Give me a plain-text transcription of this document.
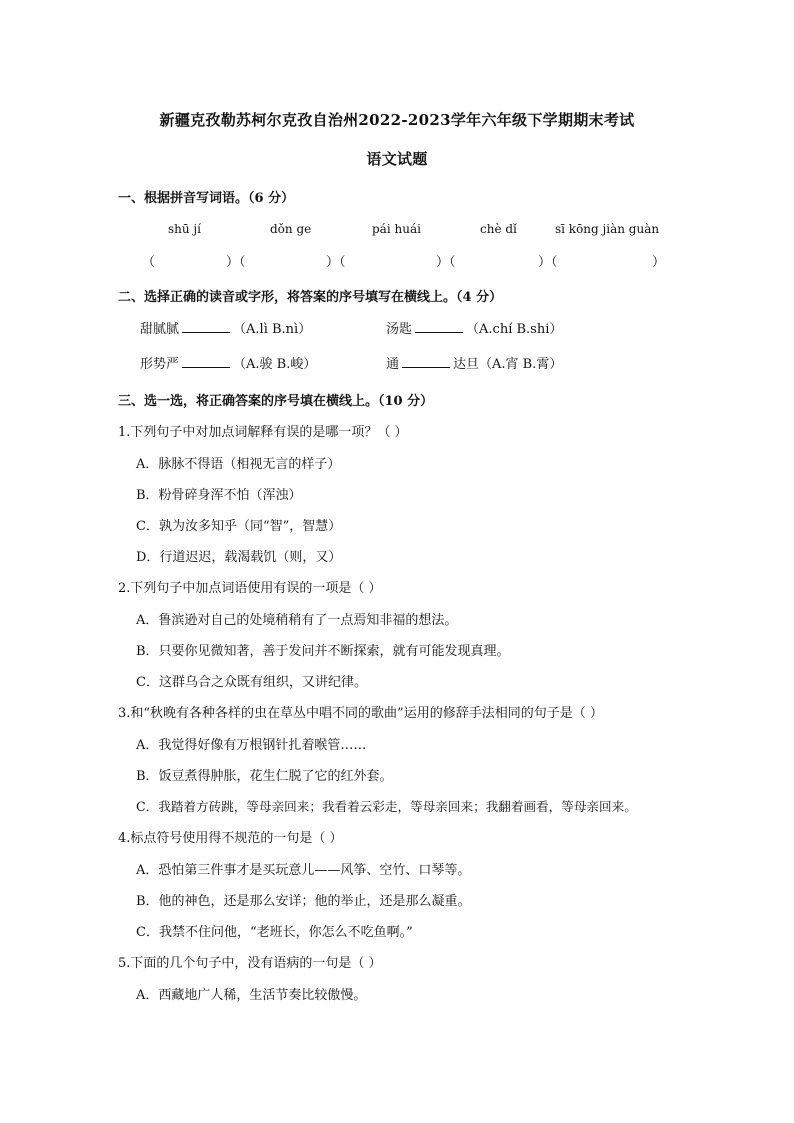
新疆克孜勒苏柯尔克孜自治州2022-2023学年六年级下学期期末考试
语文试题
一、根据拼音写词语。（6 分）
shū jí	dǒn ge	pái huái	chè dǐ	sī kōng jiàn guàn
（	）（	）（	）（	）（	）
二、选择正确的读音或字形，将答案的序号填写在横线上。（4 分）
甜腻腻	（A.lì B.nì）	汤匙	（A.chí B.shi）
形势严	（A.骏 B.峻）	通	达旦（A.宵 B.霄）
三、选一选，将正确答案的序号填在横线上。（10 分）
1.下列句子中对加点词解释有误的是哪一项？（ ）
A．脉脉不得语（相视无言的样子）
B．粉骨碎身浑不怕（浑浊）
C．孰为汝多知乎（同“智”，智慧）
D．行道迟迟，载渴载饥（则，又）
2.下列句子中加点词语使用有误的一项是（ ）
A．鲁滨逊对自己的处境稍稍有了一点焉知非福的想法。
B．只要你见微知著，善于发问并不断探索，就有可能发现真理。
C．这群乌合之众既有组织，又讲纪律。
3.和“秋晚有各种各样的虫在草丛中唱不同的歌曲”运用的修辞手法相同的句子是（ ）
A．我觉得好像有万根钢针扎着喉管……
B．饭豆煮得肿胀，花生仁脱了它的红外套。
C．我踏着方砖跳，等母亲回来；我看着云彩走，等母亲回来；我翻着画看，等母亲回来。
4.标点符号使用得不规范的一句是（ ）
A．恐怕第三件事才是买玩意儿——风筝、空竹、口琴等。
B．他的神色，还是那么安详；他的举止，还是那么凝重。
C．我禁不住问他，“老班长，你怎么不吃鱼啊。”
5.下面的几个句子中，没有语病的一句是（ ）
A．西藏地广人稀，生活节奏比较傲慢。
